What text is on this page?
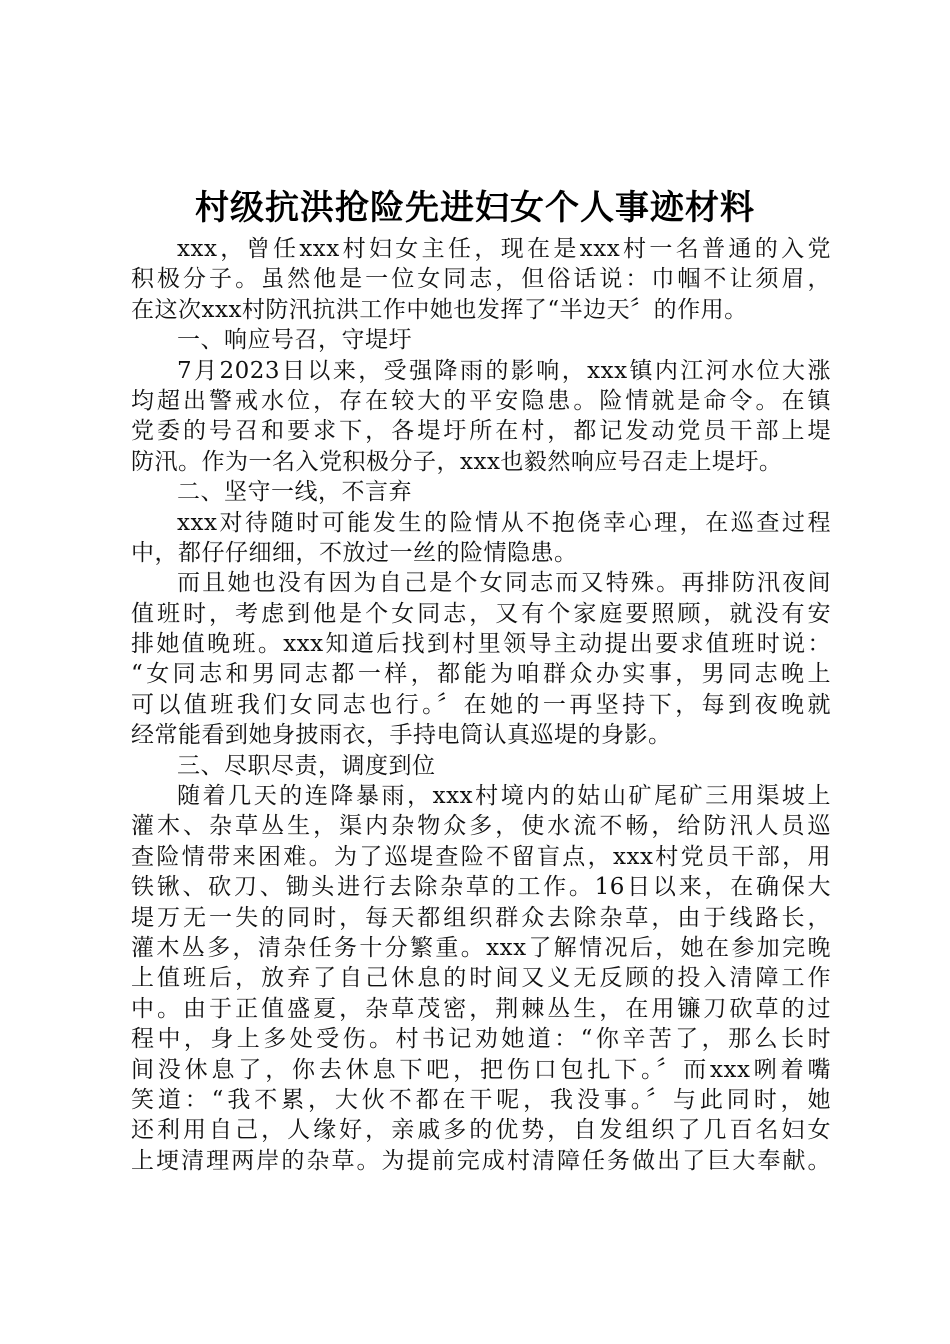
村级抗洪抢险先进妇女个人事迹材料
xxx，曾任xxx村妇女主任，现在是xxx村一名普通的入党
积极分子。虽然他是一位女同志，但俗话说：巾帼不让须眉，
在这次xxx村防汛抗洪工作中她也发挥了“半边天〞的作用。
一、响应号召，守堤圩
7月2023日以来，受强降雨的影响，xxx镇内江河水位大涨
均超出警戒水位，存在较大的平安隐患。险情就是命令。在镇
党委的号召和要求下，各堤圩所在村，都记发动党员干部上堤
防汛。作为一名入党积极分子，xxx也毅然响应号召走上堤圩。
二、坚守一线，不言弃
xxx对待随时可能发生的险情从不抱侥幸心理，在巡查过程
中，都仔仔细细，不放过一丝的险情隐患。
而且她也没有因为自己是个女同志而又特殊。再排防汛夜间
值班时，考虑到他是个女同志，又有个家庭要照顾，就没有安
排她值晚班。xxx知道后找到村里领导主动提出要求值班时说：
“女同志和男同志都一样，都能为咱群众办实事，男同志晚上
可以值班我们女同志也行。〞在她的一再坚持下，每到夜晚就
经常能看到她身披雨衣，手持电筒认真巡堤的身影。
三、尽职尽责，调度到位
随着几天的连降暴雨，xxx村境内的姑山矿尾矿三用渠坡上
灌木、杂草丛生，渠内杂物众多，使水流不畅，给防汛人员巡
查险情带来困难。为了巡堤查险不留盲点，xxx村党员干部，用
铁锹、砍刀、锄头进行去除杂草的工作。16日以来，在确保大
堤万无一失的同时，每天都组织群众去除杂草，由于线路长，
灌木丛多，清杂任务十分繁重。xxx了解情况后，她在参加完晚
上值班后，放弃了自己休息的时间又义无反顾的投入清障工作
中。由于正值盛夏，杂草茂密，荆棘丛生，在用镰刀砍草的过
程中，身上多处受伤。村书记劝她道：“你辛苦了，那么长时
间没休息了，你去休息下吧，把伤口包扎下。〞而xxx咧着嘴
笑道：“我不累，大伙不都在干呢，我没事。〞与此同时，她
还利用自己，人缘好，亲戚多的优势，自发组织了几百名妇女
上埂清理两岸的杂草。为提前完成村清障任务做出了巨大奉献。
